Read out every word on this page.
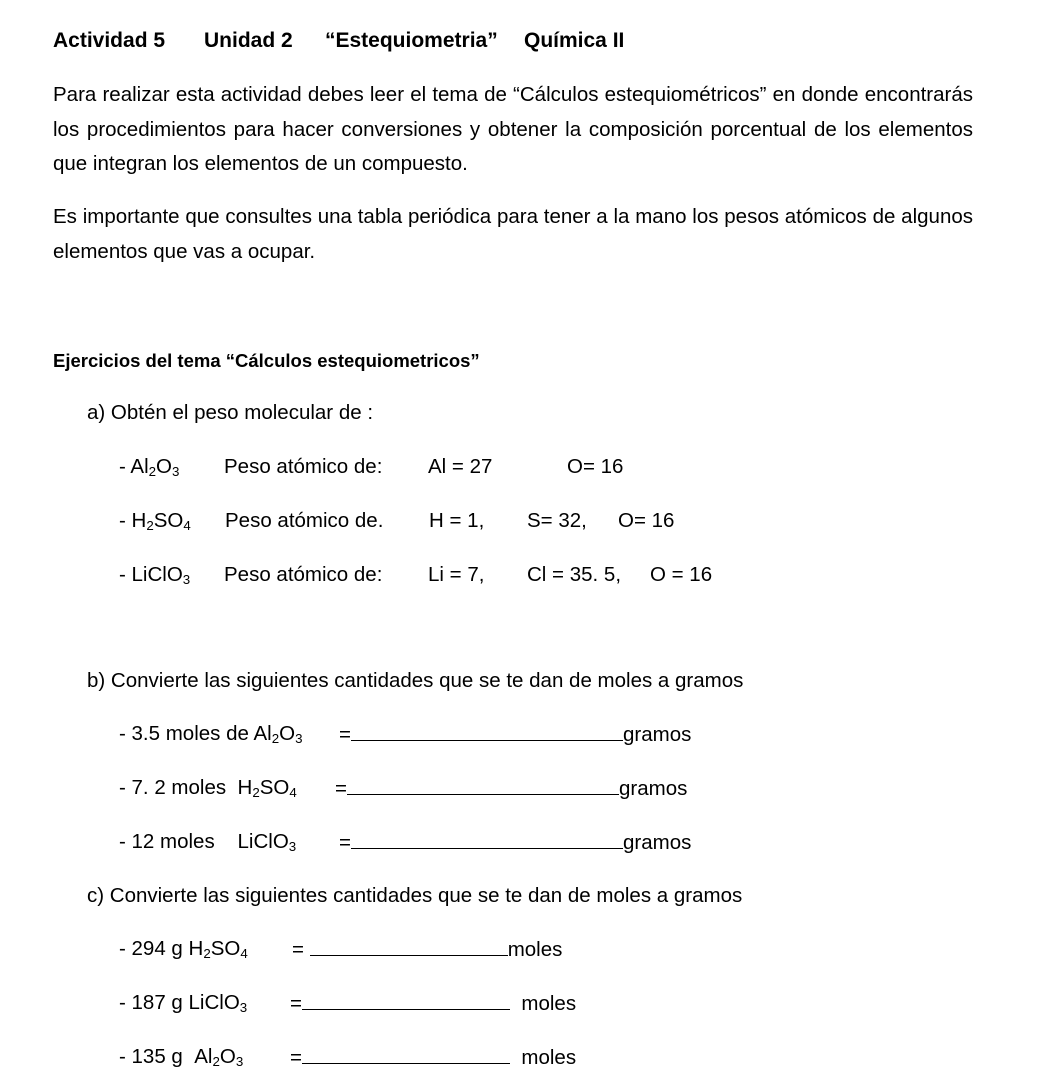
Actividad 5 Unidad 2 “Estequiometria” Química II
Para realizar esta actividad debes leer el tema de “Cálculos estequiométricos” en donde encontrarás los procedimientos para hacer conversiones y obtener la composición porcentual de los elementos que integran los elementos de un compuesto.
Es importante que consultes una tabla periódica para tener a la mano los pesos atómicos de algunos elementos que vas a ocupar.
Ejercicios del tema “Cálculos estequiometricos”
a) Obtén el peso molecular de :
- $Al_2O_3$ Peso atómico de: Al = 27	O= 16
- $H_2SO_4$ Peso atómico de. H = 1, S= 32, O= 16
- LiClO$_3$ Peso atómico de: Li = 7, Cl = 35. 5, O = 16
b) Convierte las siguientes cantidades que se te dan de moles a gramos
- 3.5 moles de $Al_2O_3$ =	gramos
- 7. 2 moles $H_2SO_4$ =	gramos
- 12 moles LiClO$_3$ =	gramos
c) Convierte las siguientes cantidades que se te dan de moles a gramos
- 294 g $H_2SO_4$ =	moles
- 187 g LiClO$_3$ =	moles
- 135 g $Al_2O_3$ =	moles
